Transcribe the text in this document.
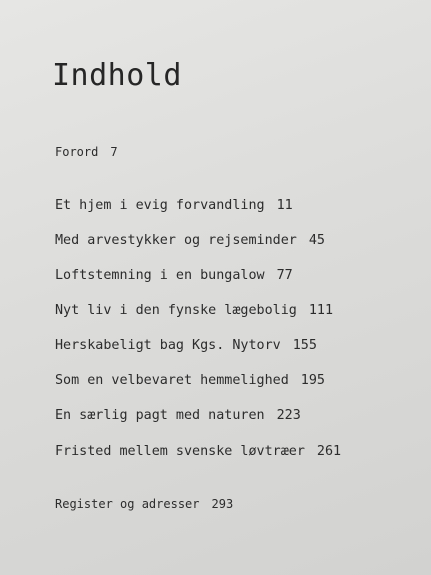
Indhold
Forord 7
Et hjem i evig forvandling 11
Med arvestykker og rejseminder 45
Loftstemning i en bungalow 77
Nyt liv i den fynske lægebolig 111
Herskabeligt bag Kgs. Nytorv 155
Som en velbevaret hemmelighed 195
En særlig pagt med naturen 223
Fristed mellem svenske løvtræer 261
Register og adresser 293
